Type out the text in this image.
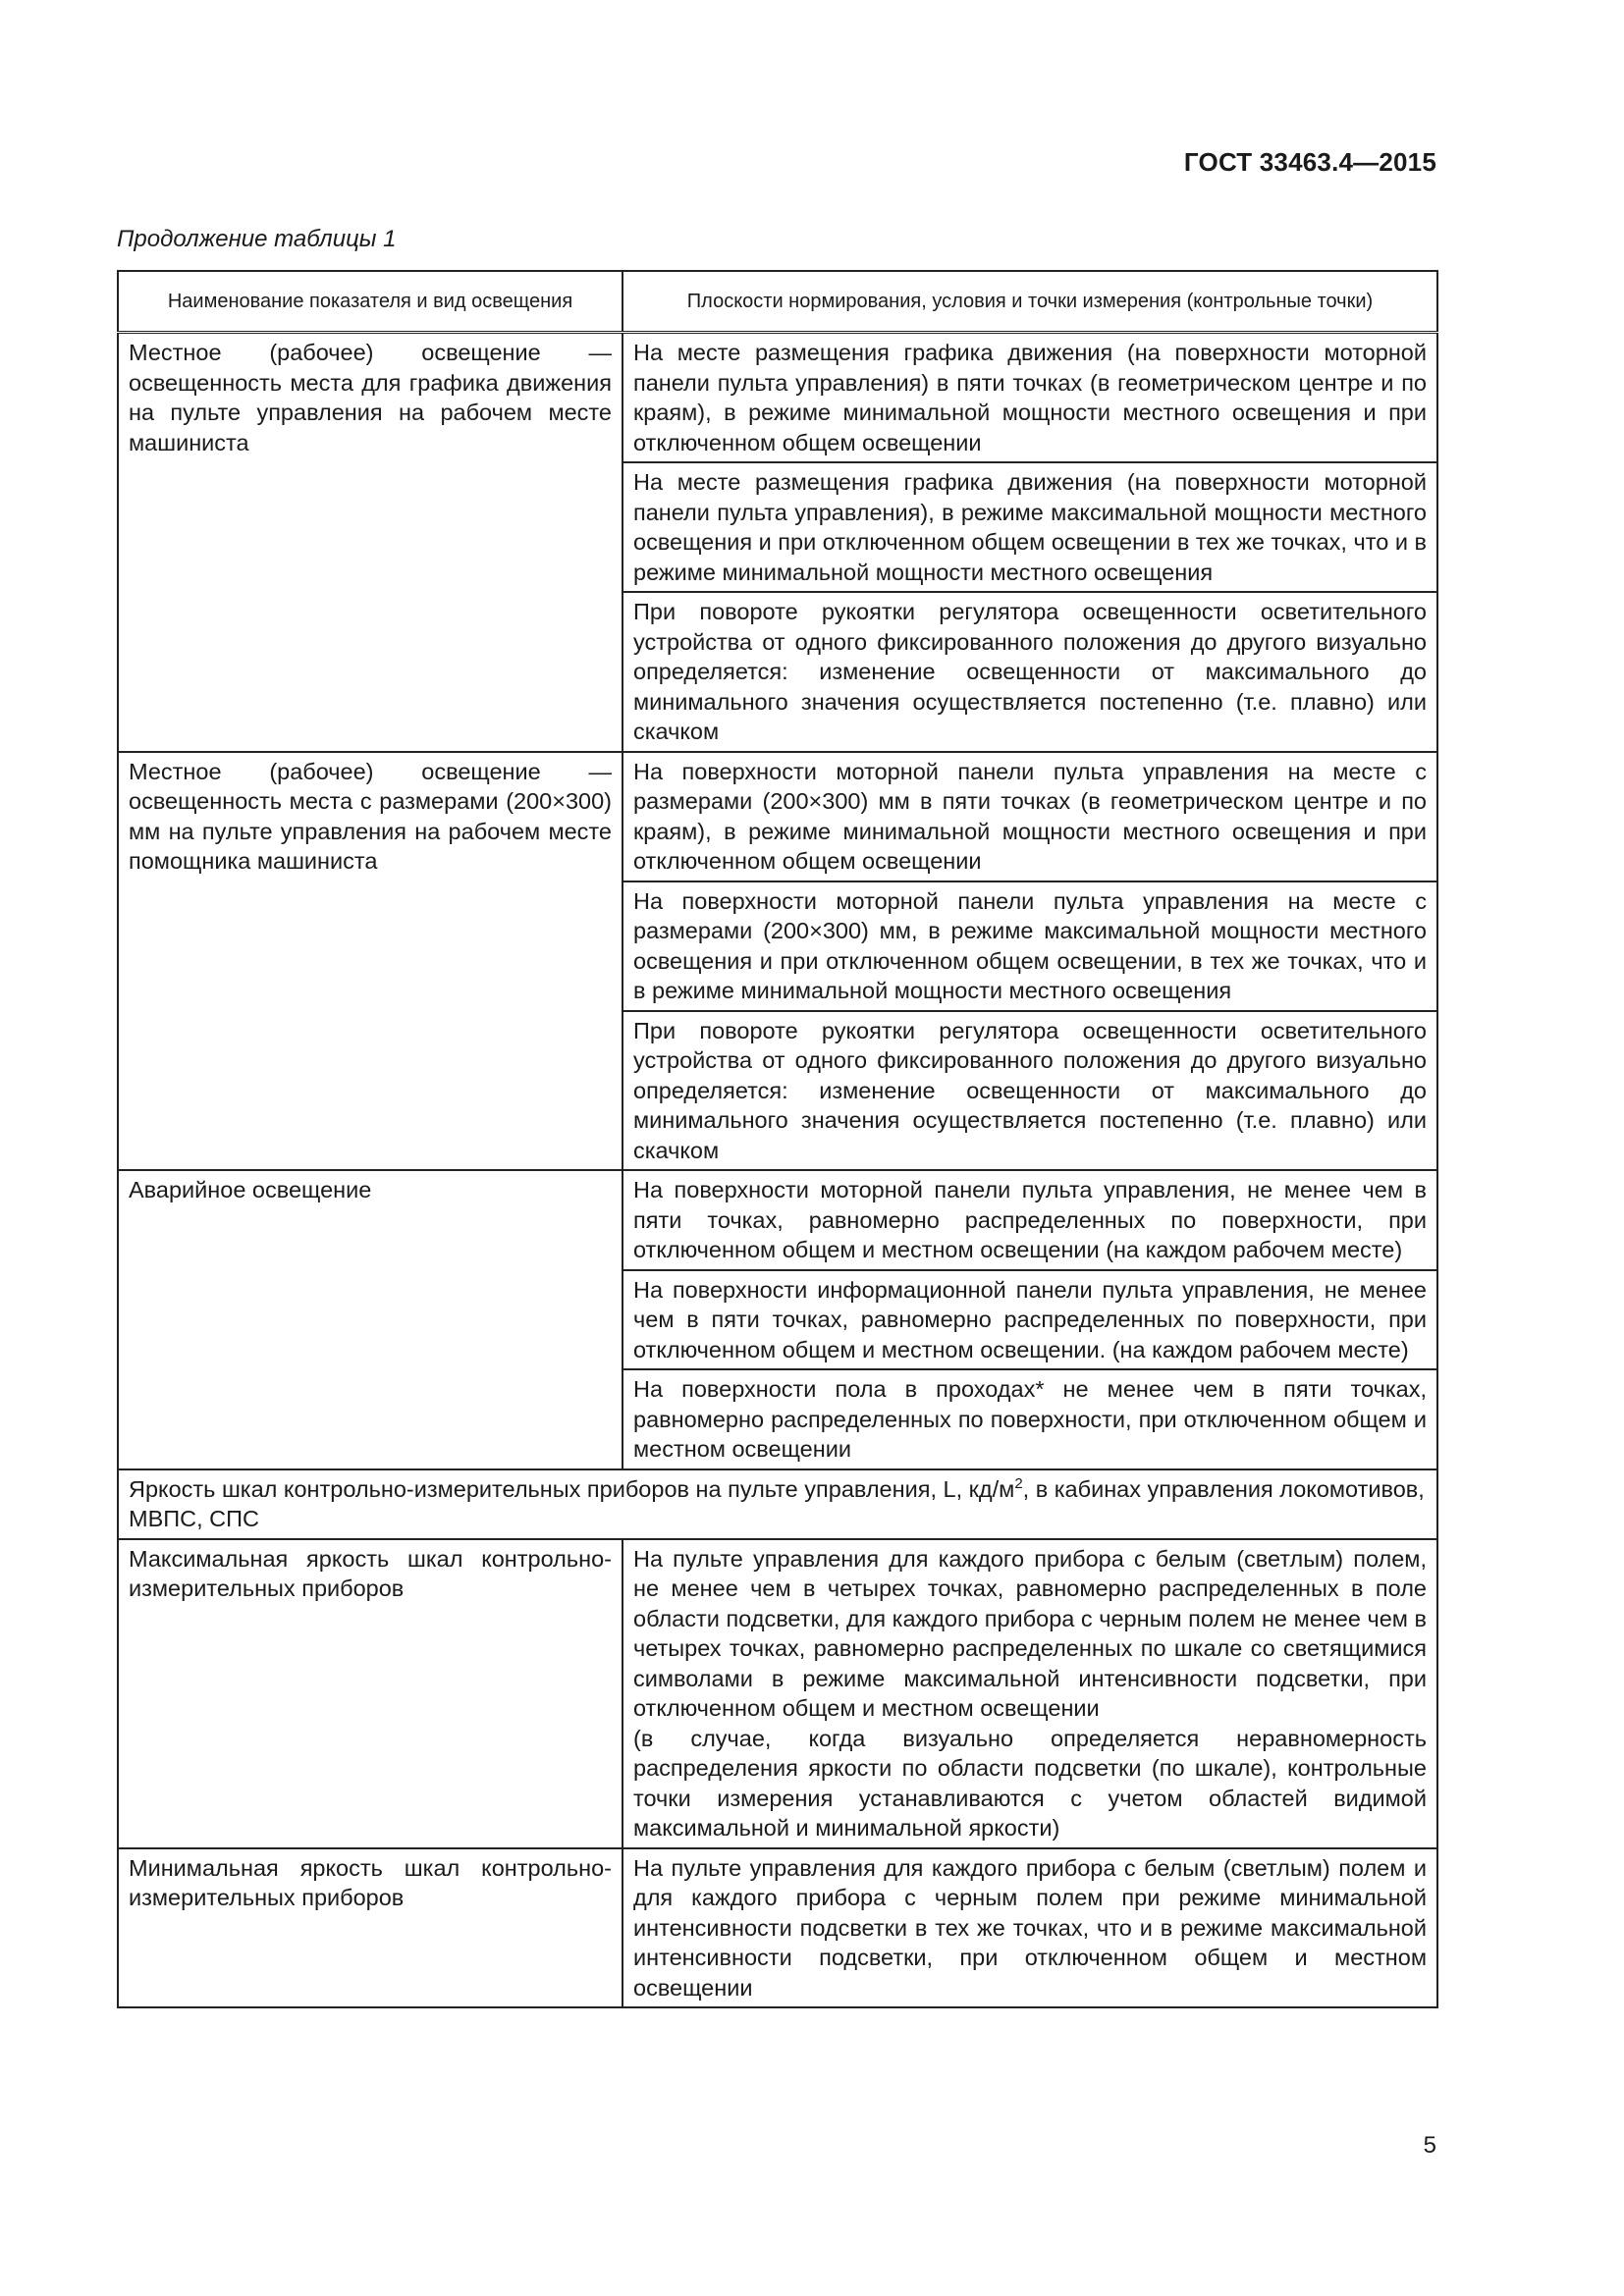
ГОСТ 33463.4—2015
Продолжение таблицы 1
Наименование показателя и вид освещения	Плоскости нормирования, условия и точки измерения (контрольные точки)
Местное (рабочее) освещение — освещенность места для графика движения на пульте управления на рабочем месте машиниста	На месте размещения графика движения (на поверхности моторной панели пульта управления) в пяти точках (в геометрическом центре и по краям), в режиме минимальной мощности местного освещения и при отключенном общем освещении
	На месте размещения графика движения (на поверхности моторной панели пульта управления), в режиме максимальной мощности местного освещения и при отключенном общем освещении в тех же точках, что и в режиме минимальной мощности местного освещения
	При повороте рукоятки регулятора освещенности осветительного устройства от одного фиксированного положения до другого визуально определяется: изменение освещенности от максимального до минимального значения осуществляется постепенно (т.е. плавно) или скачком
Местное (рабочее) освещение — освещенность места с размерами (200×300) мм на пульте управления на рабочем месте помощника машиниста	На поверхности моторной панели пульта управления на месте с размерами (200×300) мм в пяти точках (в геометрическом центре и по краям), в режиме минимальной мощности местного освещения и при отключенном общем освещении
	На поверхности моторной панели пульта управления на месте с размерами (200×300) мм, в режиме максимальной мощности местного освещения и при отключенном общем освещении, в тех же точках, что и в режиме минимальной мощности местного освещения
	При повороте рукоятки регулятора освещенности осветительного устройства от одного фиксированного положения до другого визуально определяется: изменение освещенности от максимального до минимального значения осуществляется постепенно (т.е. плавно) или скачком
Аварийное освещение	На поверхности моторной панели пульта управления, не менее чем в пяти точках, равномерно распределенных по поверхности, при отключенном общем и местном освещении (на каждом рабочем месте)
	На поверхности информационной панели пульта управления, не менее чем в пяти точках, равномерно распределенных по поверхности, при отключенном общем и местном освещении. (на каждом рабочем месте)
	На поверхности пола в проходах* не менее чем в пяти точках, равномерно распределенных по поверхности, при отключенном общем и местном освещении
Яркость шкал контрольно-измерительных приборов на пульте управления, L, $кд/м^2$, в кабинах управления локомотивов, МВПС, СПС	
Максимальная яркость шкал контрольно-измерительных приборов	На пульте управления для каждого прибора с белым (светлым) полем, не менее чем в четырех точках, равномерно распределенных в поле области подсветки, для каждого прибора с черным полем не менее чем в четырех точках, равномерно распределенных по шкале со светящимися символами в режиме максимальной интенсивности подсветки, при отключенном общем и местном освещении
(в случае, когда визуально определяется неравномерность распределения яркости по области подсветки (по шкале), контрольные точки измерения устанавливаются с учетом областей видимой максимальной и минимальной яркости)

Минимальная яркость шкал контрольно-измерительных приборов	На пульте управления для каждого прибора с белым (светлым) полем и для каждого прибора с черным полем при режиме минимальной интенсивности подсветки в тех же точках, что и в режиме максимальной интенсивности подсветки, при отключенном общем и местном освещении
5
